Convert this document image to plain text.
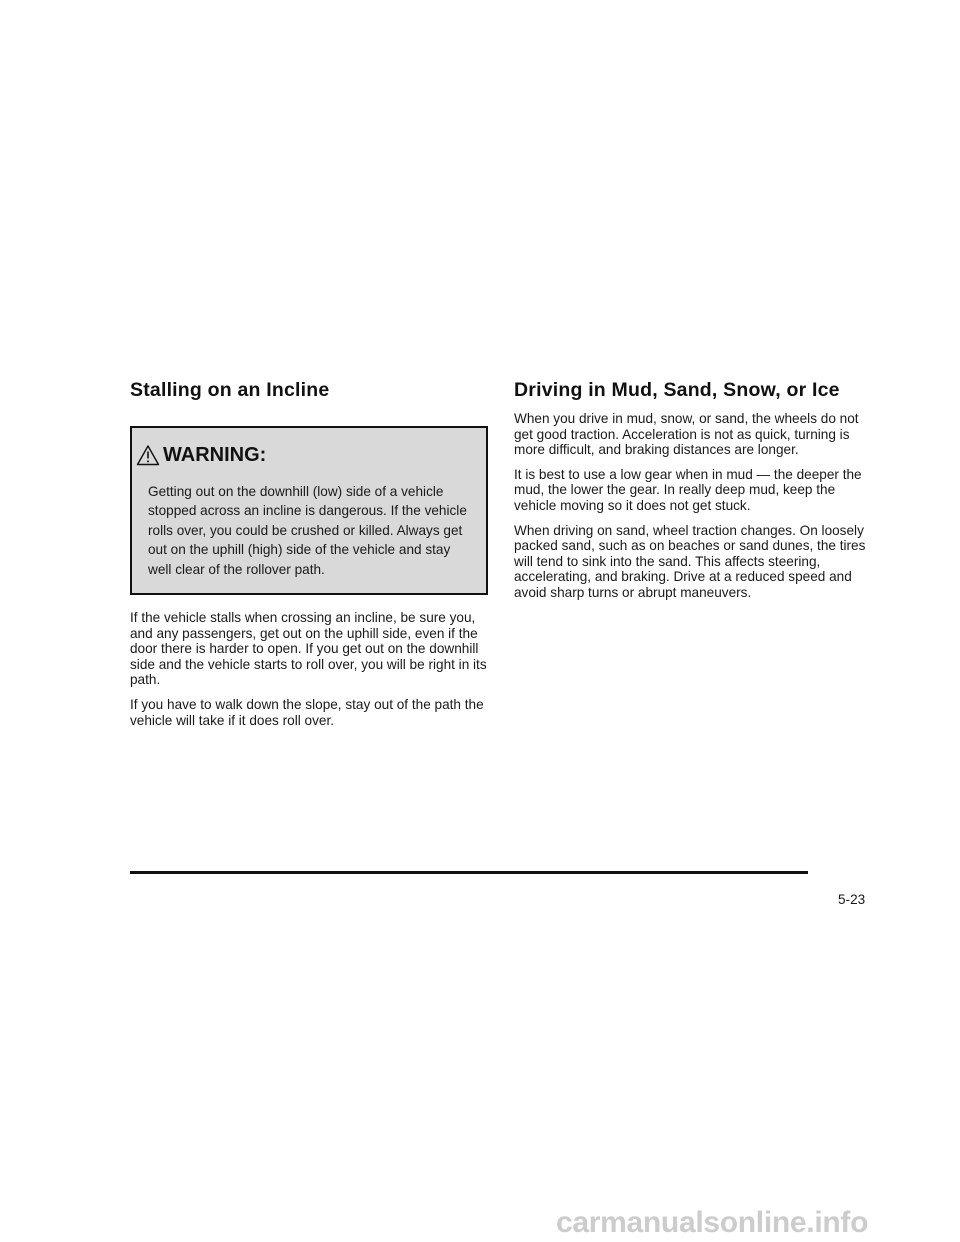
Stalling on an Incline
WARNING:
Getting out on the downhill (low) side of a vehicle stopped across an incline is dangerous. If the vehicle rolls over, you could be crushed or killed. Always get out on the uphill (high) side of the vehicle and stay well clear of the rollover path.

If the vehicle stalls when crossing an incline, be sure you, and any passengers, get out on the uphill side, even if the door there is harder to open. If you get out on the downhill side and the vehicle starts to roll over, you will be right in its path.

If you have to walk down the slope, stay out of the path the vehicle will take if it does roll over.

Driving in Mud, Sand, Snow, or Ice

When you drive in mud, snow, or sand, the wheels do not get good traction. Acceleration is not as quick, turning is more difficult, and braking distances are longer.

It is best to use a low gear when in mud — the deeper the mud, the lower the gear. In really deep mud, keep the vehicle moving so it does not get stuck.

When driving on sand, wheel traction changes. On loosely packed sand, such as on beaches or sand dunes, the tires will tend to sink into the sand. This affects steering, accelerating, and braking. Drive at a reduced speed and avoid sharp turns or abrupt maneuvers.

5-23
carmanualsonline.info
